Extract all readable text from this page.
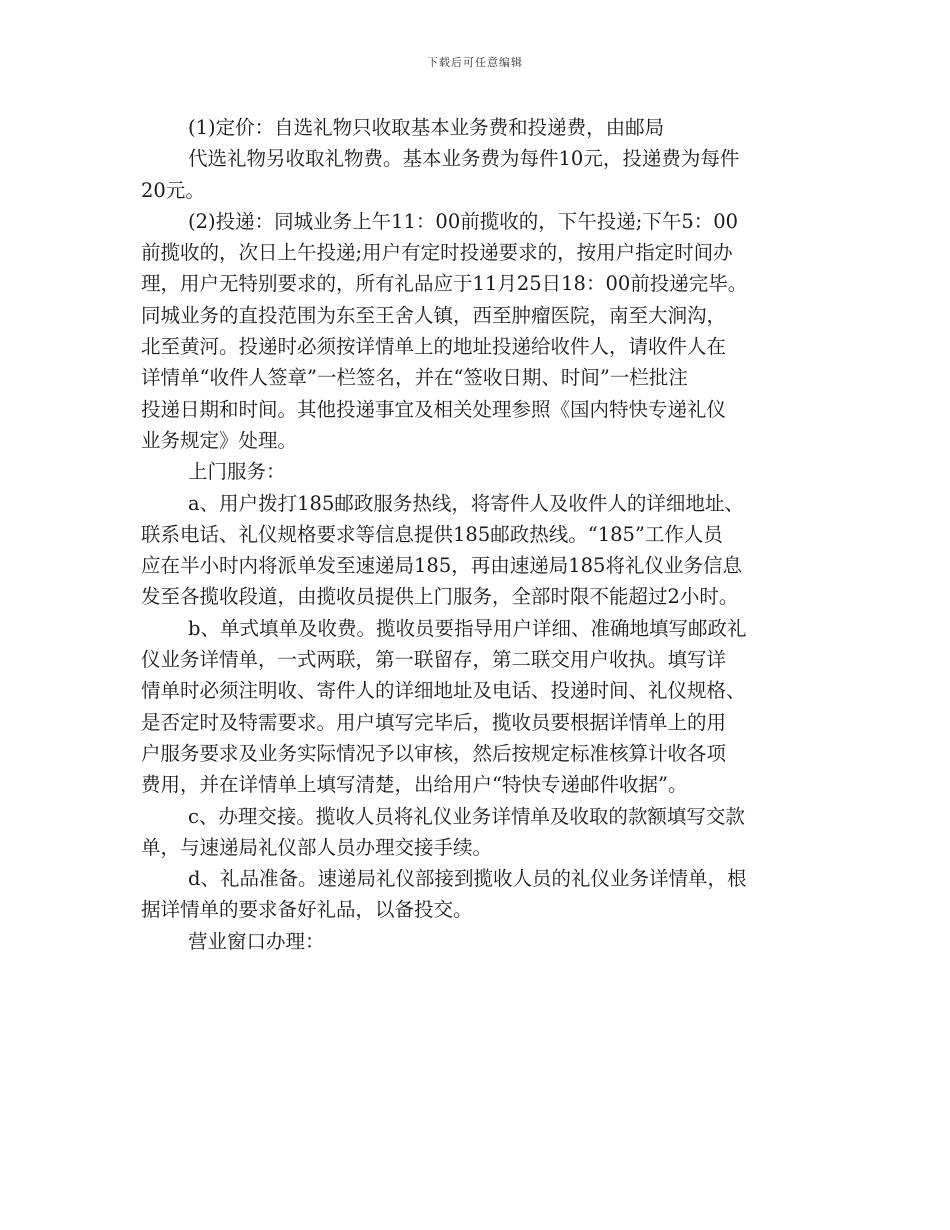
下载后可任意编辑
(1)定价：自选礼物只收取基本业务费和投递费，由邮局
代选礼物另收取礼物费。基本业务费为每件10元，投递费为每件
20元。
(2)投递：同城业务上午11：00前揽收的，下午投递;下午5：00
前揽收的，次日上午投递;用户有定时投递要求的，按用户指定时间办
理，用户无特别要求的，所有礼品应于11月25日18：00前投递完毕。
同城业务的直投范围为东至王舍人镇，西至肿瘤医院，南至大涧沟，
北至黄河。投递时必须按详情单上的地址投递给收件人，请收件人在
详情单“收件人签章”一栏签名，并在“签收日期、时间”一栏批注
投递日期和时间。其他投递事宜及相关处理参照《国内特快专递礼仪
业务规定》处理。
上门服务：
a、用户拨打185邮政服务热线，将寄件人及收件人的详细地址、
联系电话、礼仪规格要求等信息提供185邮政热线。“185”工作人员
应在半小时内将派单发至速递局185，再由速递局185将礼仪业务信息
发至各揽收段道，由揽收员提供上门服务，全部时限不能超过2小时。
b、单式填单及收费。揽收员要指导用户详细、准确地填写邮政礼
仪业务详情单，一式两联，第一联留存，第二联交用户收执。填写详
情单时必须注明收、寄件人的详细地址及电话、投递时间、礼仪规格、
是否定时及特需要求。用户填写完毕后，揽收员要根据详情单上的用
户服务要求及业务实际情况予以审核，然后按规定标准核算计收各项
费用，并在详情单上填写清楚，出给用户“特快专递邮件收据”。
c、办理交接。揽收人员将礼仪业务详情单及收取的款额填写交款
单，与速递局礼仪部人员办理交接手续。
d、礼品准备。速递局礼仪部接到揽收人员的礼仪业务详情单，根
据详情单的要求备好礼品，以备投交。
营业窗口办理：
